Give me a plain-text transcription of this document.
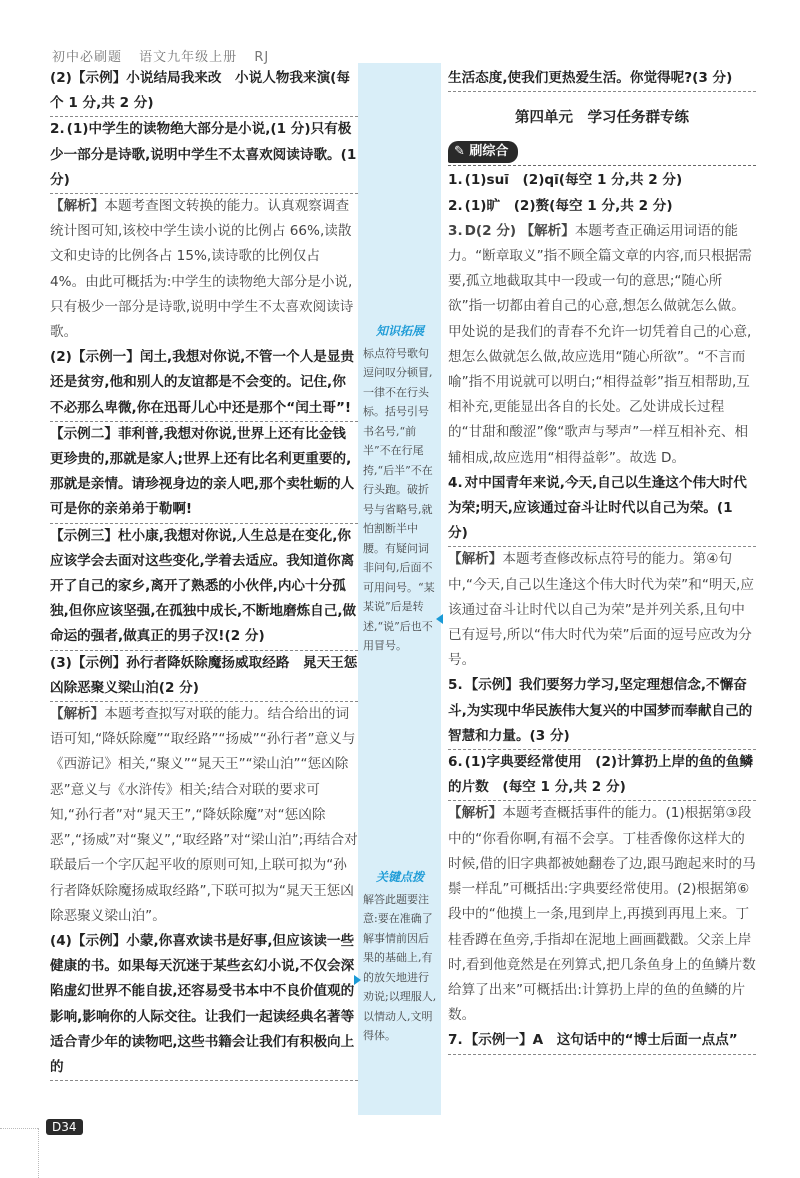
初中必刷题 语文九年级上册 RJ

(2)【示例】小说结局我来改　小说人物我来演(每个 1 分,共 2 分)

2. (1)中学生的读物绝大部分是小说,(1 分)只有极少一部分是诗歌,说明中学生不太喜欢阅读诗歌。(1 分)

【解析】本题考查图文转换的能力。认真观察调查统计图可知,该校中学生读小说的比例占 66%,读散文和史诗的比例各占 15%,读诗歌的比例仅占 4%。由此可概括为:中学生的读物绝大部分是小说,只有极少一部分是诗歌,说明中学生不太喜欢阅读诗歌。

(2)【示例一】闰土,我想对你说,不管一个人是显贵还是贫穷,他和别人的友谊都是不会变的。记住,你不必那么卑微,你在迅哥儿心中还是那个“闰土哥”!

【示例二】菲利普,我想对你说,世界上还有比金钱更珍贵的,那就是家人;世界上还有比名利更重要的,那就是亲情。请珍视身边的亲人吧,那个卖牡蛎的人可是你的亲弟弟于勒啊!

【示例三】杜小康,我想对你说,人生总是在变化,你应该学会去面对这些变化,学着去适应。我知道你离开了自己的家乡,离开了熟悉的小伙伴,内心十分孤独,但你应该坚强,在孤独中成长,不断地磨炼自己,做命运的强者,做真正的男子汉!(2 分)

(3)【示例】孙行者降妖除魔扬威取经路　晁天王惩凶除恶聚义梁山泊(2 分)

【解析】本题考查拟写对联的能力。结合给出的词语可知,“降妖除魔”“取经路”“扬威”“孙行者”意义与《西游记》相关,“聚义”“晁天王”“梁山泊”“惩凶除恶”意义与《水浒传》相关;结合对联的要求可知,“孙行者”对“晁天王”,“降妖除魔”对“惩凶除恶”,“扬威”对“聚义”,“取经路”对“梁山泊”;再结合对联最后一个字仄起平收的原则可知,上联可拟为“孙行者降妖除魔扬威取经路”,下联可拟为“晁天王惩凶除恶聚义梁山泊”。

(4)【示例】小蒙,你喜欢读书是好事,但应该读一些健康的书。如果每天沉迷于某些玄幻小说,不仅会深陷虚幻世界不能自拔,还容易受书本中不良价值观的影响,影响你的人际交往。让我们一起读经典名著等适合青少年的读物吧,这些书籍会让我们有积极向上的

知识拓展
标点符号歌句逗问叹分顿冒,一律不在行头标。括号引号书名号,“前半”不在行尾挎,“后半”不在行头跑。破折号与省略号,就怕割断半中腰。有疑问词非问句,后面不可用问号。“某某说”后是转述,“说”后也不用冒号。
关键点拨
解答此题要注意:要在准确了解事情前因后果的基础上,有的放矢地进行劝说;以理服人,以情动人,文明得体。

生活态度,使我们更热爱生活。你觉得呢?(3 分)

第四单元　学习任务群专练
✎ 刷综合

1. (1)suī　(2)qī(每空 1 分,共 2 分)

2. (1)旷　(2)赘(每空 1 分,共 2 分)

3. D(2 分) 【解析】本题考查正确运用词语的能力。“断章取义”指不顾全篇文章的内容,而只根据需要,孤立地截取其中一段或一句的意思;“随心所欲”指一切都由着自己的心意,想怎么做就怎么做。甲处说的是我们的青春不允许一切凭着自己的心意,想怎么做就怎么做,故应选用“随心所欲”。“不言而喻”指不用说就可以明白;“相得益彰”指互相帮助,互相补充,更能显出各自的长处。乙处讲成长过程的“甘甜和酸涩”像“歌声与琴声”一样互相补充、相辅相成,故应选用“相得益彰”。故选 D。

4. 对中国青年来说,今天,自己以生逢这个伟大时代为荣;明天,应该通过奋斗让时代以自己为荣。(1 分)

【解析】本题考查修改标点符号的能力。第④句中,“今天,自己以生逢这个伟大时代为荣”和“明天,应该通过奋斗让时代以自己为荣”是并列关系,且句中已有逗号,所以“伟大时代为荣”后面的逗号应改为分号。

5. 【示例】我们要努力学习,坚定理想信念,不懈奋斗,为实现中华民族伟大复兴的中国梦而奉献自己的智慧和力量。(3 分)

6. (1)字典要经常使用　(2)计算扔上岸的鱼的鱼鳞的片数　(每空 1 分,共 2 分)

【解析】本题考查概括事件的能力。(1)根据第③段中的“你看你啊,有福不会享。丁桂香像你这样大的时候,借的旧字典都被她翻卷了边,跟马跑起来时的马鬃一样乱”可概括出:字典要经常使用。(2)根据第⑥段中的“他摸上一条,甩到岸上,再摸到再甩上来。丁桂香蹲在鱼旁,手指却在泥地上画画戳戳。父亲上岸时,看到他竟然是在列算式,把几条鱼身上的鱼鳞片数给算了出来”可概括出:计算扔上岸的鱼的鱼鳞的片数。

7. 【示例一】A　这句话中的“博士后面一点点”

D34
